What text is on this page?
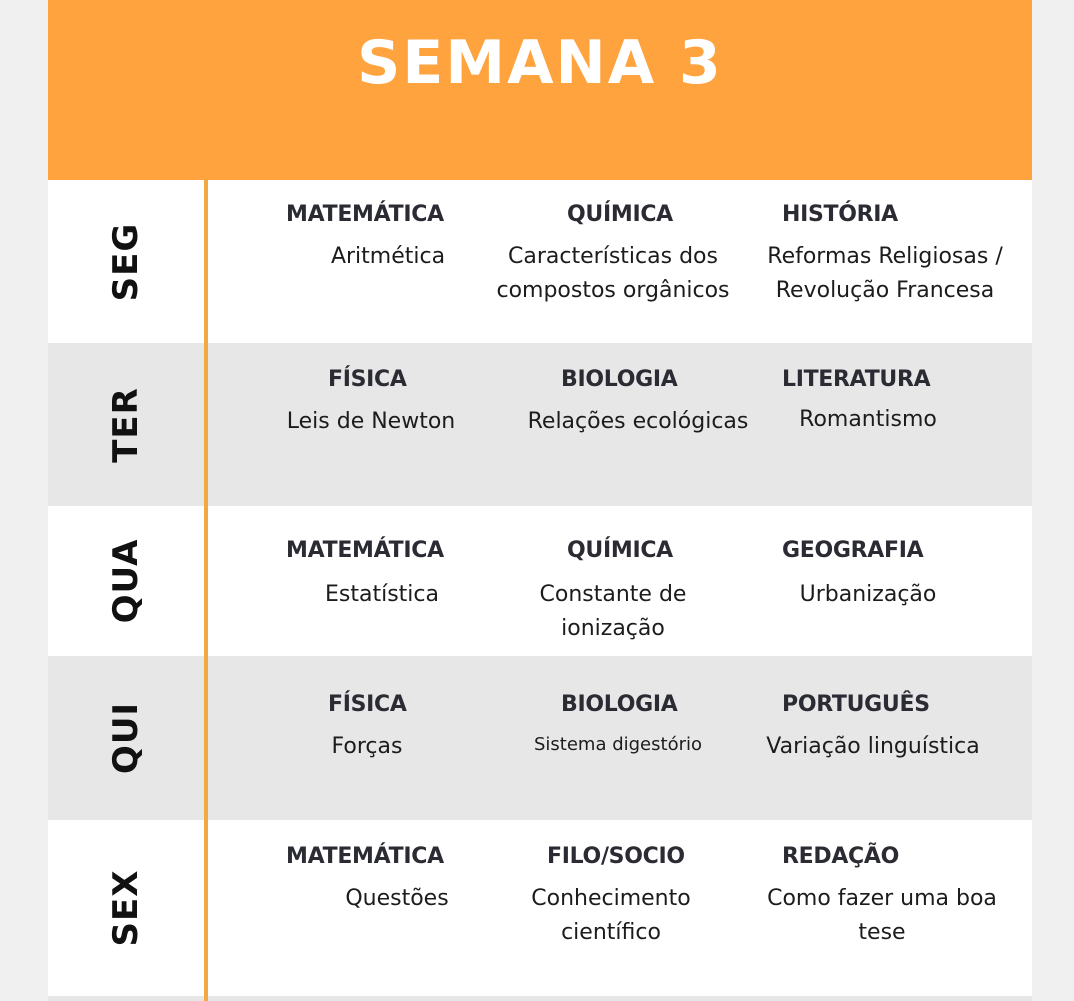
SEMANA 3
SEG
MATEMÁTICA
Aritmética
QUÍMICA
Características dos compostos orgânicos
HISTÓRIA
Reformas Religiosas / Revolução Francesa
TER
FÍSICA
Leis de Newton
BIOLOGIA
Relações ecológicas
LITERATURA
Romantismo
QUA	MATEMÁTICA
Estatística
QUÍMICA
Constante de ionização
GEOGRAFIA
Urbanização
QUI	FÍSICA
Forças
BIOLOGIA
Sistema digestório
PORTUGUÊS
Variação linguística
SEX
MATEMÁTICA
Questões
FILO/SOCIO
Conhecimento científico
REDAÇÃO
Como fazer uma boa tese
